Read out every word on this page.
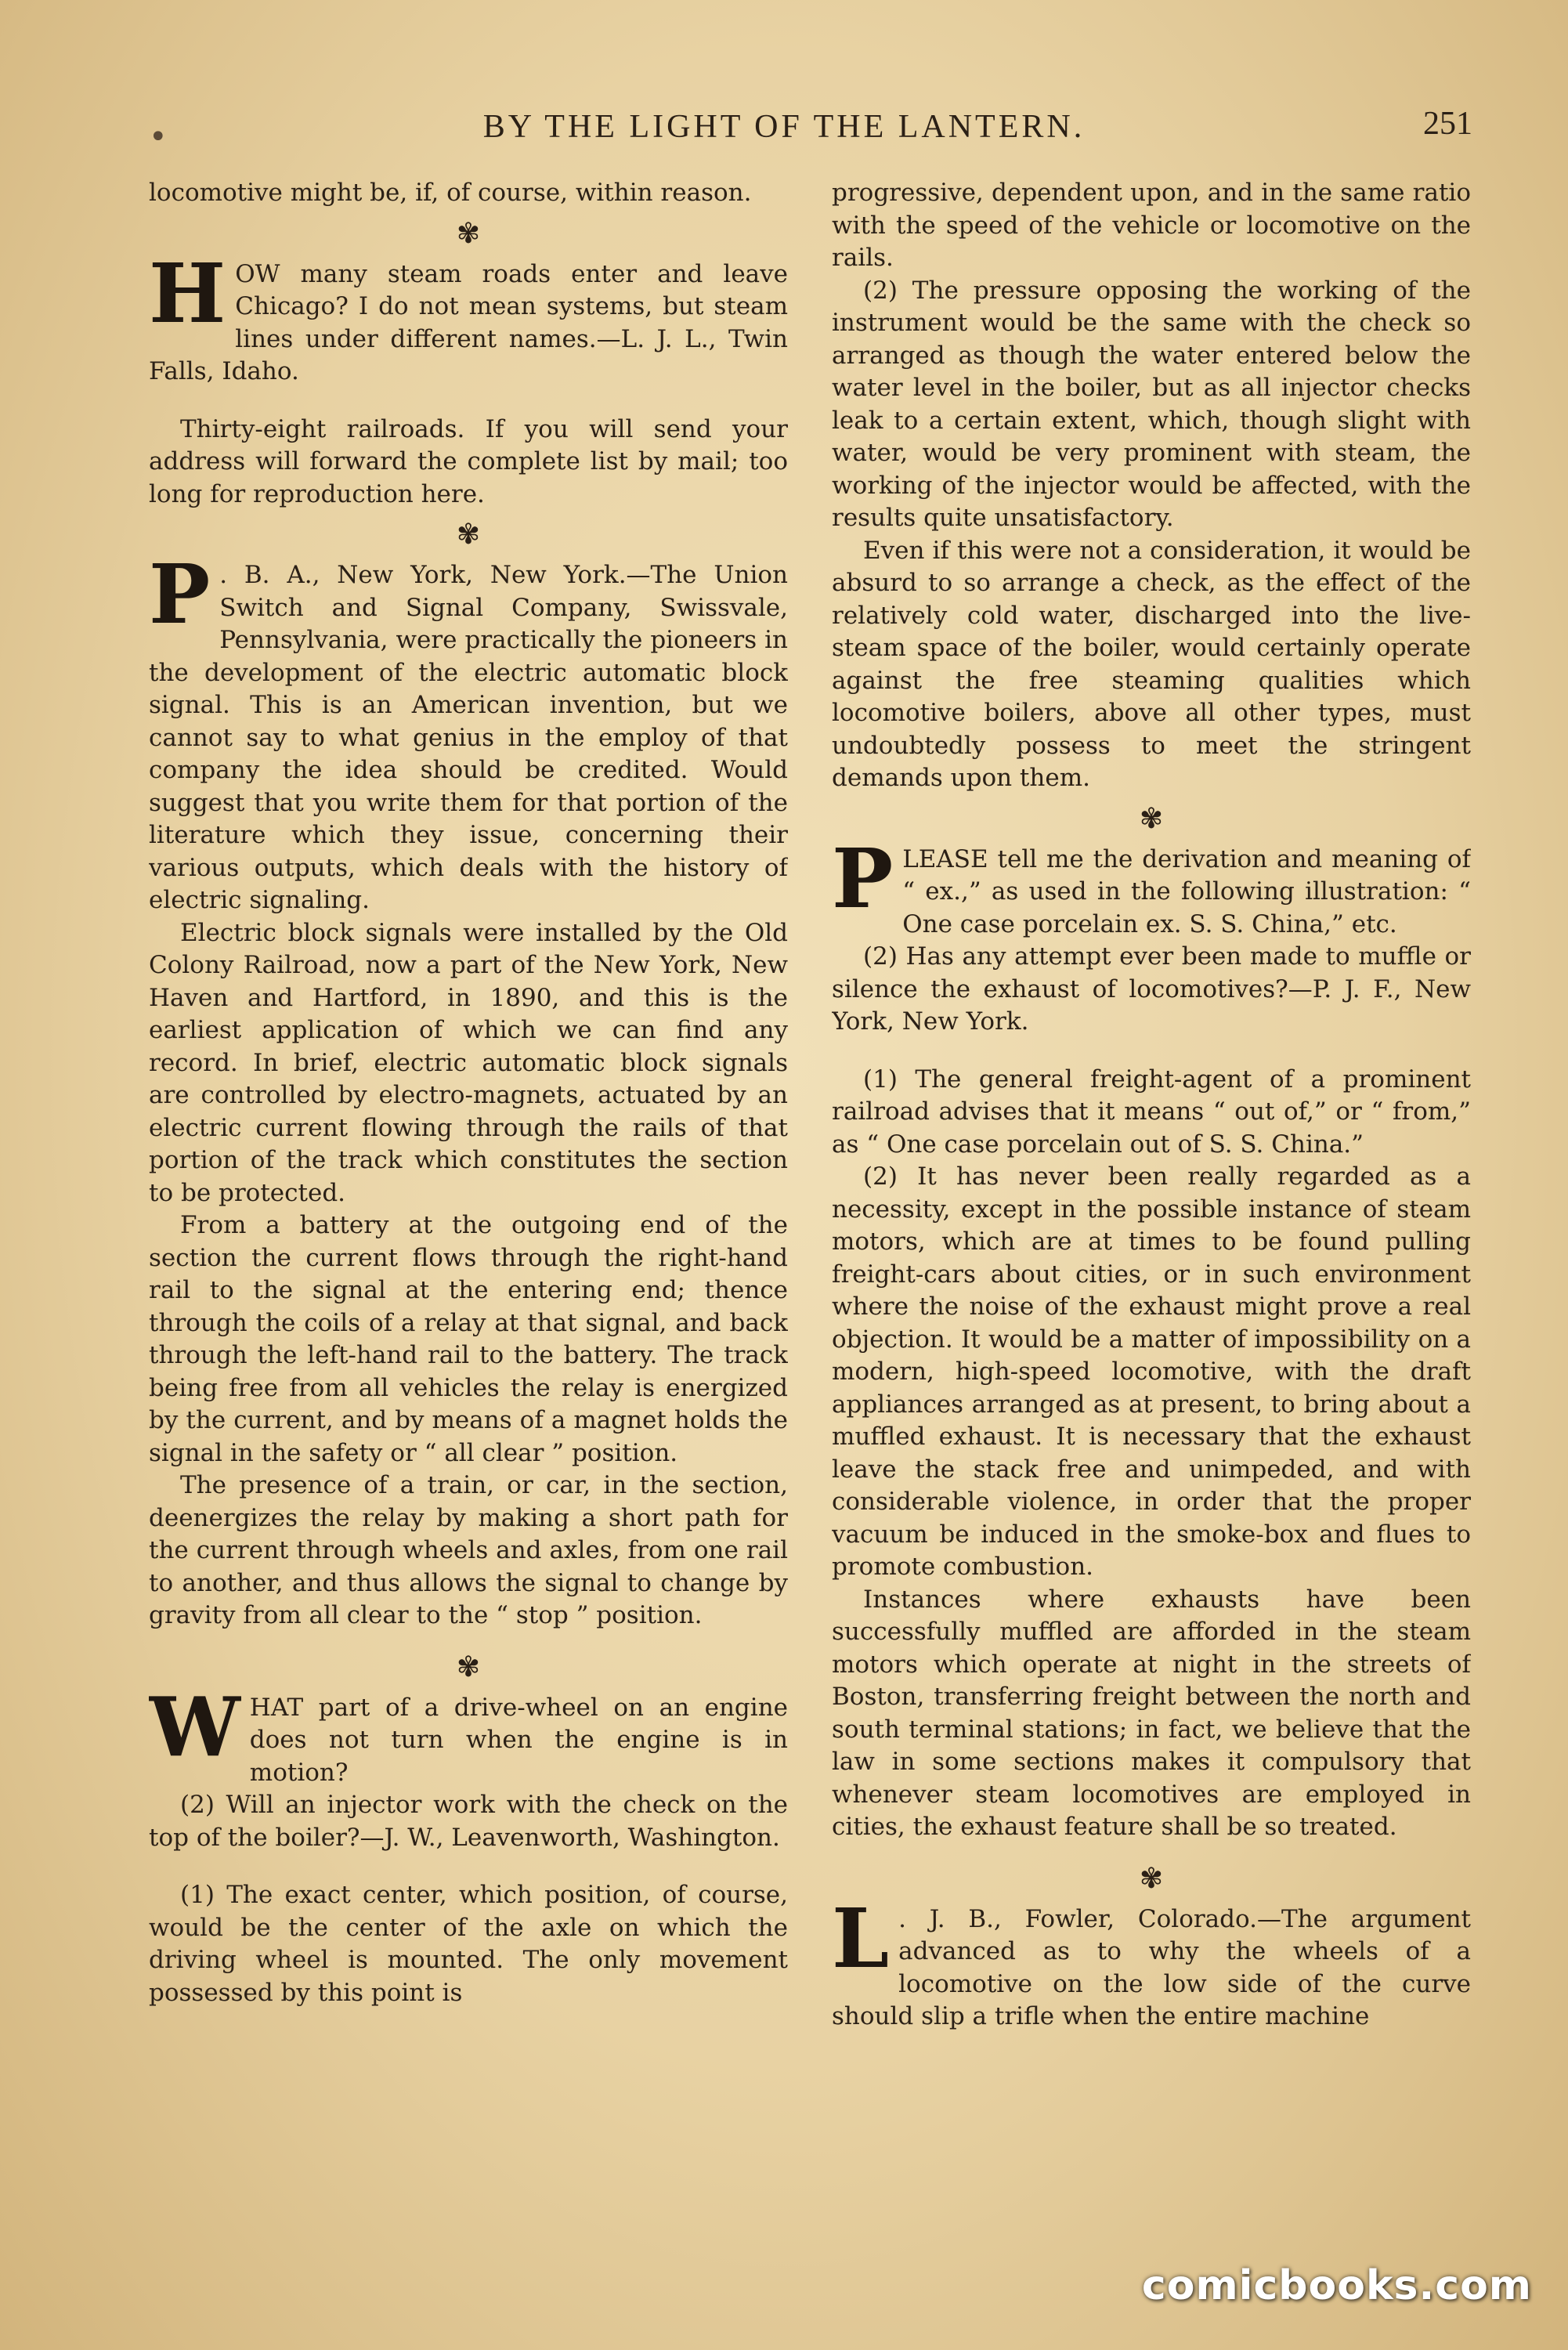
•	BY THE LIGHT OF THE LANTERN.	251

locomotive might be, if, of course, within reason.

✾

HOW many steam roads enter and leave Chicago? I do not mean systems, but steam lines under different names.—L. J. L., Twin Falls, Idaho.

Thirty-eight railroads. If you will send your address will forward the complete list by mail; too long for reproduction here.

✾

P . B. A., New York, New York.—The Union Switch and Signal Company, Swissvale, Pennsylvania, were practically the pioneers in the development of the electric automatic block signal. This is an American invention, but we cannot say to what genius in the employ of that company the idea should be credited. Would suggest that you write them for that portion of the literature which they issue, concerning their various outputs, which deals with the history of electric signaling.

Electric block signals were installed by the Old Colony Railroad, now a part of the New York, New Haven and Hartford, in 1890, and this is the earliest application of which we can find any record. In brief, electric automatic block signals are controlled by electro-magnets, actuated by an electric current flowing through the rails of that portion of the track which constitutes the section to be protected.

From a battery at the outgoing end of the section the current flows through the right-hand rail to the signal at the entering end; thence through the coils of a relay at that signal, and back through the left-hand rail to the battery. The track being free from all vehicles the relay is energized by the current, and by means of a magnet holds the signal in the safety or “ all clear ” position.

The presence of a train, or car, in the section, deenergizes the relay by making a short path for the current through wheels and axles, from one rail to another, and thus allows the signal to change by gravity from all clear to the “ stop ” position.

✾

WHAT part of a drive-wheel on an engine does not turn when the engine is in motion?

(2) Will an injector work with the check on the top of the boiler?—J. W., Leavenworth, Washington.

(1) The exact center, which position, of course, would be the center of the axle on which the driving wheel is mounted. The only movement possessed by this point is

progressive, dependent upon, and in the same ratio with the speed of the vehicle or locomotive on the rails.

(2) The pressure opposing the working of the instrument would be the same with the check so arranged as though the water entered below the water level in the boiler, but as all injector checks leak to a certain extent, which, though slight with water, would be very prominent with steam, the working of the injector would be affected, with the results quite unsatisfactory.

Even if this were not a consideration, it would be absurd to so arrange a check, as the effect of the relatively cold water, discharged into the live-steam space of the boiler, would certainly operate against the free steaming qualities which locomotive boilers, above all other types, must undoubtedly possess to meet the stringent demands upon them.

✾

PLEASE tell me the derivation and meaning of “ ex.,” as used in the following illustration: “ One case porcelain ex. S. S. China,” etc.

(2) Has any attempt ever been made to muffle or silence the exhaust of locomotives?—P. J. F., New York, New York.

(1) The general freight-agent of a prominent railroad advises that it means “ out of,” or “ from,” as “ One case porcelain out of S. S. China.”

(2) It has never been really regarded as a necessity, except in the possible instance of steam motors, which are at times to be found pulling freight-cars about cities, or in such environment where the noise of the exhaust might prove a real objection. It would be a matter of impossibility on a modern, high-speed locomotive, with the draft appliances arranged as at present, to bring about a muffled exhaust. It is necessary that the exhaust leave the stack free and unimpeded, and with considerable violence, in order that the proper vacuum be induced in the smoke-box and flues to promote combustion.

Instances where exhausts have been successfully muffled are afforded in the steam motors which operate at night in the streets of Boston, transferring freight between the north and south terminal stations; in fact, we believe that the law in some sections makes it compulsory that whenever steam locomotives are employed in cities, the exhaust feature shall be so treated.

✾

L . J. B., Fowler, Colorado.—The argument advanced as to why the wheels of a locomotive on the low side of the curve should slip a trifle when the entire machine

comicbooks.com
